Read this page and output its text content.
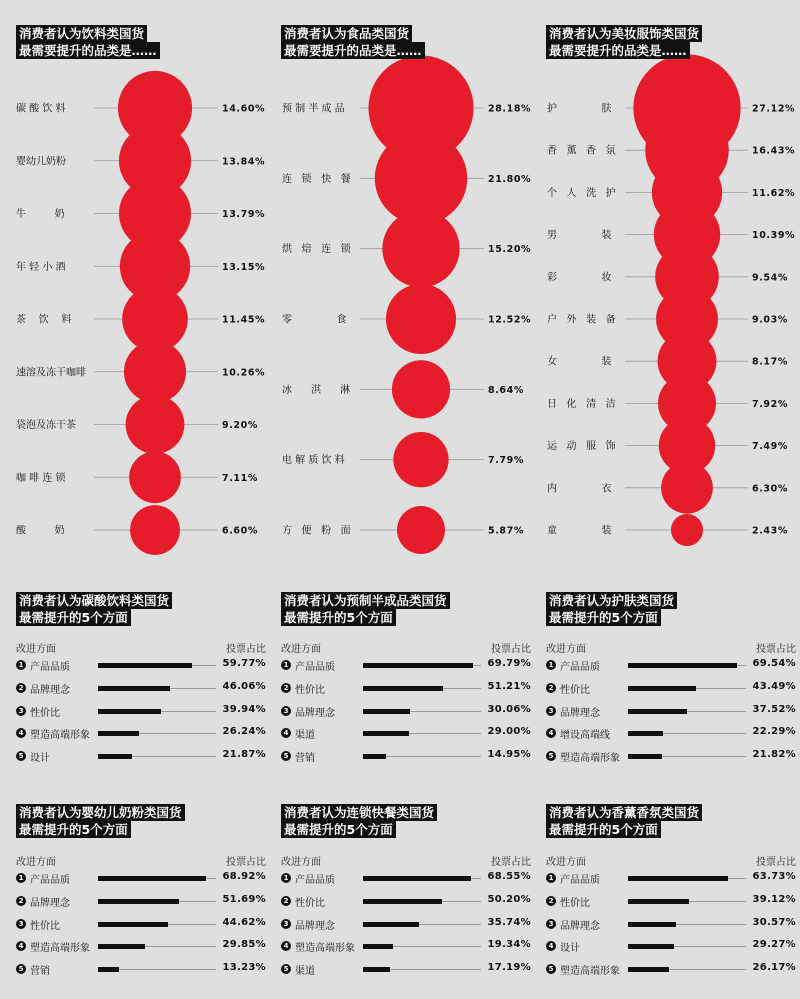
碳 酸 饮 料	14.60%
婴幼儿奶粉	13.84%
牛         奶	13.79%
年 轻 小 酒	13.15%
茶    饮    料	11.45%
速溶及冻干咖啡	10.26%
袋泡及冻干茶	9.20%
咖 啡 连 锁	7.11%
酸         奶	6.60%
预 制 半 成 品	28.18%
连   锁   快   餐	21.80%
烘   焙   连   锁	15.20%
零              食	12.52%
冰      淇      淋	8.64%
电 解 质 饮 料	7.79%
方   便   粉   面	5.87%
护              肤	27.12%
香   薰   香   氛	16.43%
个   人   洗   护	11.62%
男              装	10.39%
彩              妆	9.54%
户   外   装   备	9.03%
女              装	8.17%
日   化   清   洁	7.92%
运   动   服   饰	7.49%
内              衣	6.30%
童              装	2.43%
消费者认为饮料类国货
最需要提升的品类是……
消费者认为食品类国货
最需要提升的品类是……
消费者认为美妆服饰类国货
最需要提升的品类是……
消费者认为碳酸饮料类国货
最需提升的5个方面
消费者认为预制半成品类国货
最需提升的5个方面
消费者认为护肤类国货
最需提升的5个方面
消费者认为婴幼儿奶粉类国货
最需提升的5个方面
消费者认为连锁快餐类国货
最需提升的5个方面
消费者认为香薰香氛类国货
最需提升的5个方面
改进方面	投票占比
1 产品品质	59.77%
2 品牌理念	46.06%
3 性价比	39.94%
4 塑造高端形象	26.24%
5 设计	21.87%
改进方面	投票占比
1 产品品质	69.79%
2 性价比	51.21%
3 品牌理念	30.06%
4 渠道	29.00%
5 营销	14.95%
改进方面	投票占比
1 产品品质	69.54%
2 性价比	43.49%
3 品牌理念	37.52%
4 增设高端线	22.29%
5 塑造高端形象	21.82%
改进方面	投票占比
1 产品品质	68.92%
2 品牌理念	51.69%
3 性价比	44.62%
4 塑造高端形象	29.85%
5 营销	13.23%
改进方面	投票占比
1 产品品质	68.55%
2 性价比	50.20%
3 品牌理念	35.74%
4 塑造高端形象	19.34%
5 渠道	17.19%
改进方面	投票占比
1 产品品质	63.73%
2 性价比	39.12%
3 品牌理念	30.57%
4 设计	29.27%
5 塑造高端形象	26.17%
